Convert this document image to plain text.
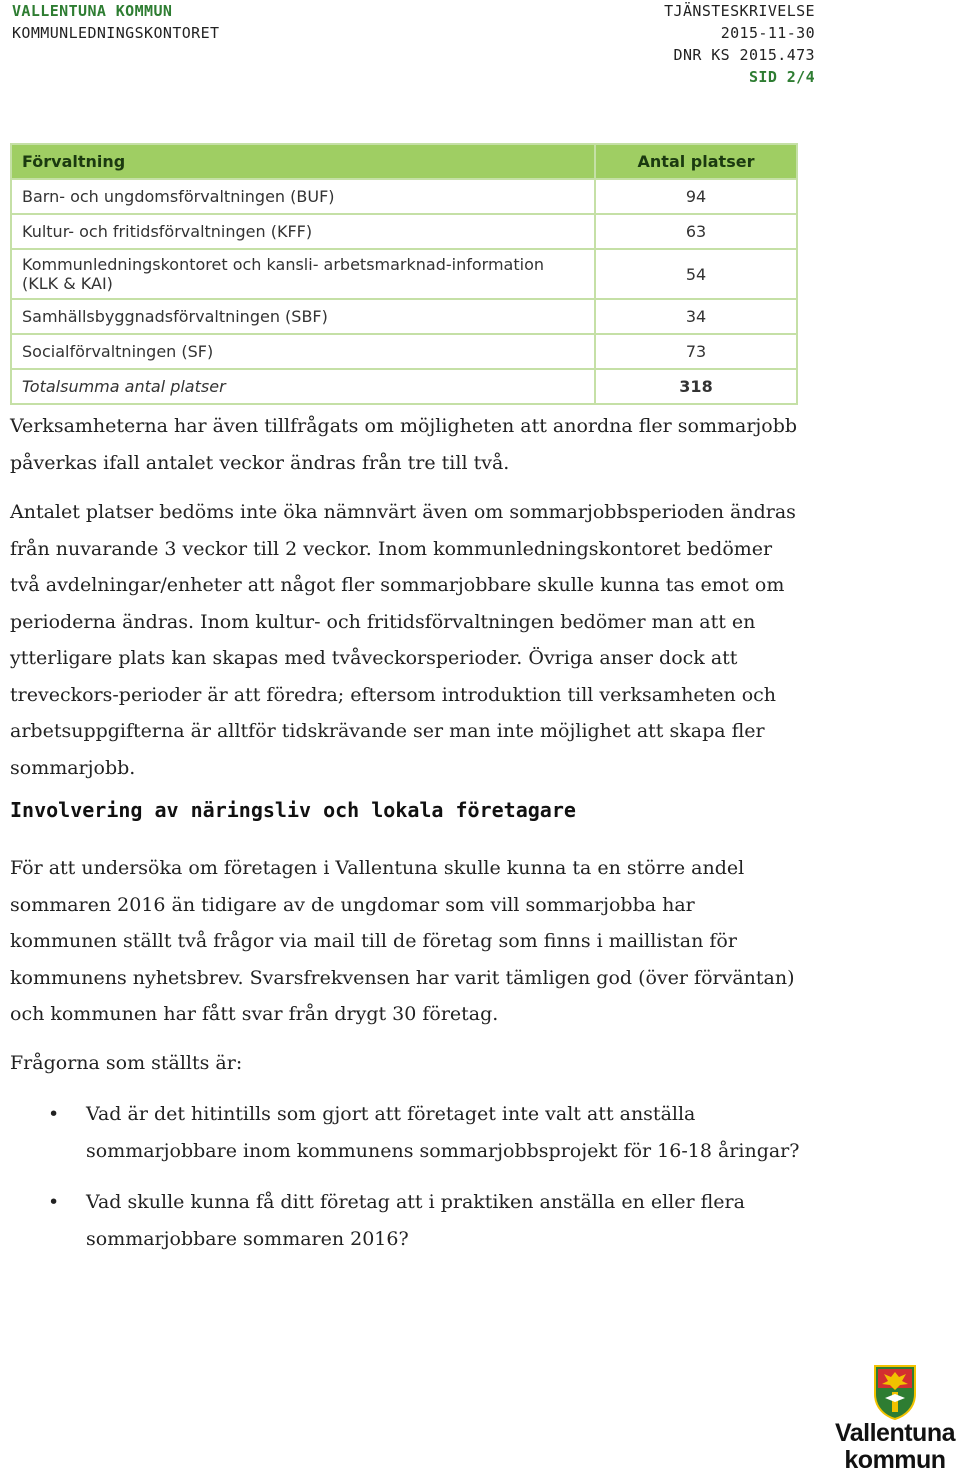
VALLENTUNA KOMMUN
KOMMUNLEDNINGSKONTORET
TJÄNSTESKRIVELSE
2015-11-30
DNR KS 2015.473
SID 2/4
Förvaltning	Antal platser
Barn- och ungdomsförvaltningen (BUF)	94
Kultur- och fritidsförvaltningen (KFF)	63
Kommunledningskontoret och kansli- arbetsmarknad-information (KLK & KAI)	54
Samhällsbyggnadsförvaltningen (SBF)	34
Socialförvaltningen (SF)	73
Totalsumma antal platser	318

Verksamheterna har även tillfrågats om möjligheten att anordna fler sommarjobb påverkas ifall antalet veckor ändras från tre till två.

Antalet platser bedöms inte öka nämnvärt även om sommarjobbsperioden ändras från nuvarande 3 veckor till 2 veckor. Inom kommunledningskontoret bedömer två avdelningar/enheter att något fler sommarjobbare skulle kunna tas emot om perioderna ändras. Inom kultur- och fritidsförvaltningen bedömer man att en ytterligare plats kan skapas med tvåveckorsperioder. Övriga anser dock att treveckors-perioder är att föredra; eftersom introduktion till verksamheten och arbetsuppgifterna är alltför tidskrävande ser man inte möjlighet att skapa fler sommarjobb.

Involvering av näringsliv och lokala företagare

För att undersöka om företagen i Vallentuna skulle kunna ta en större andel sommaren 2016 än tidigare av de ungdomar som vill sommarjobba har kommunen ställt två frågor via mail till de företag som finns i maillistan för kommunens nyhetsbrev. Svarsfrekvensen har varit tämligen god (över förväntan) och kommunen har fått svar från drygt 30 företag.

Frågorna som ställts är:

• Vad är det hitintills som gjort att företaget inte valt att anställa sommarjobbare inom kommunens sommarjobbsprojekt för 16-18 åringar?
• Vad skulle kunna få ditt företag att i praktiken anställa en eller flera sommarjobbare sommaren 2016?
Vallentuna
kommun
